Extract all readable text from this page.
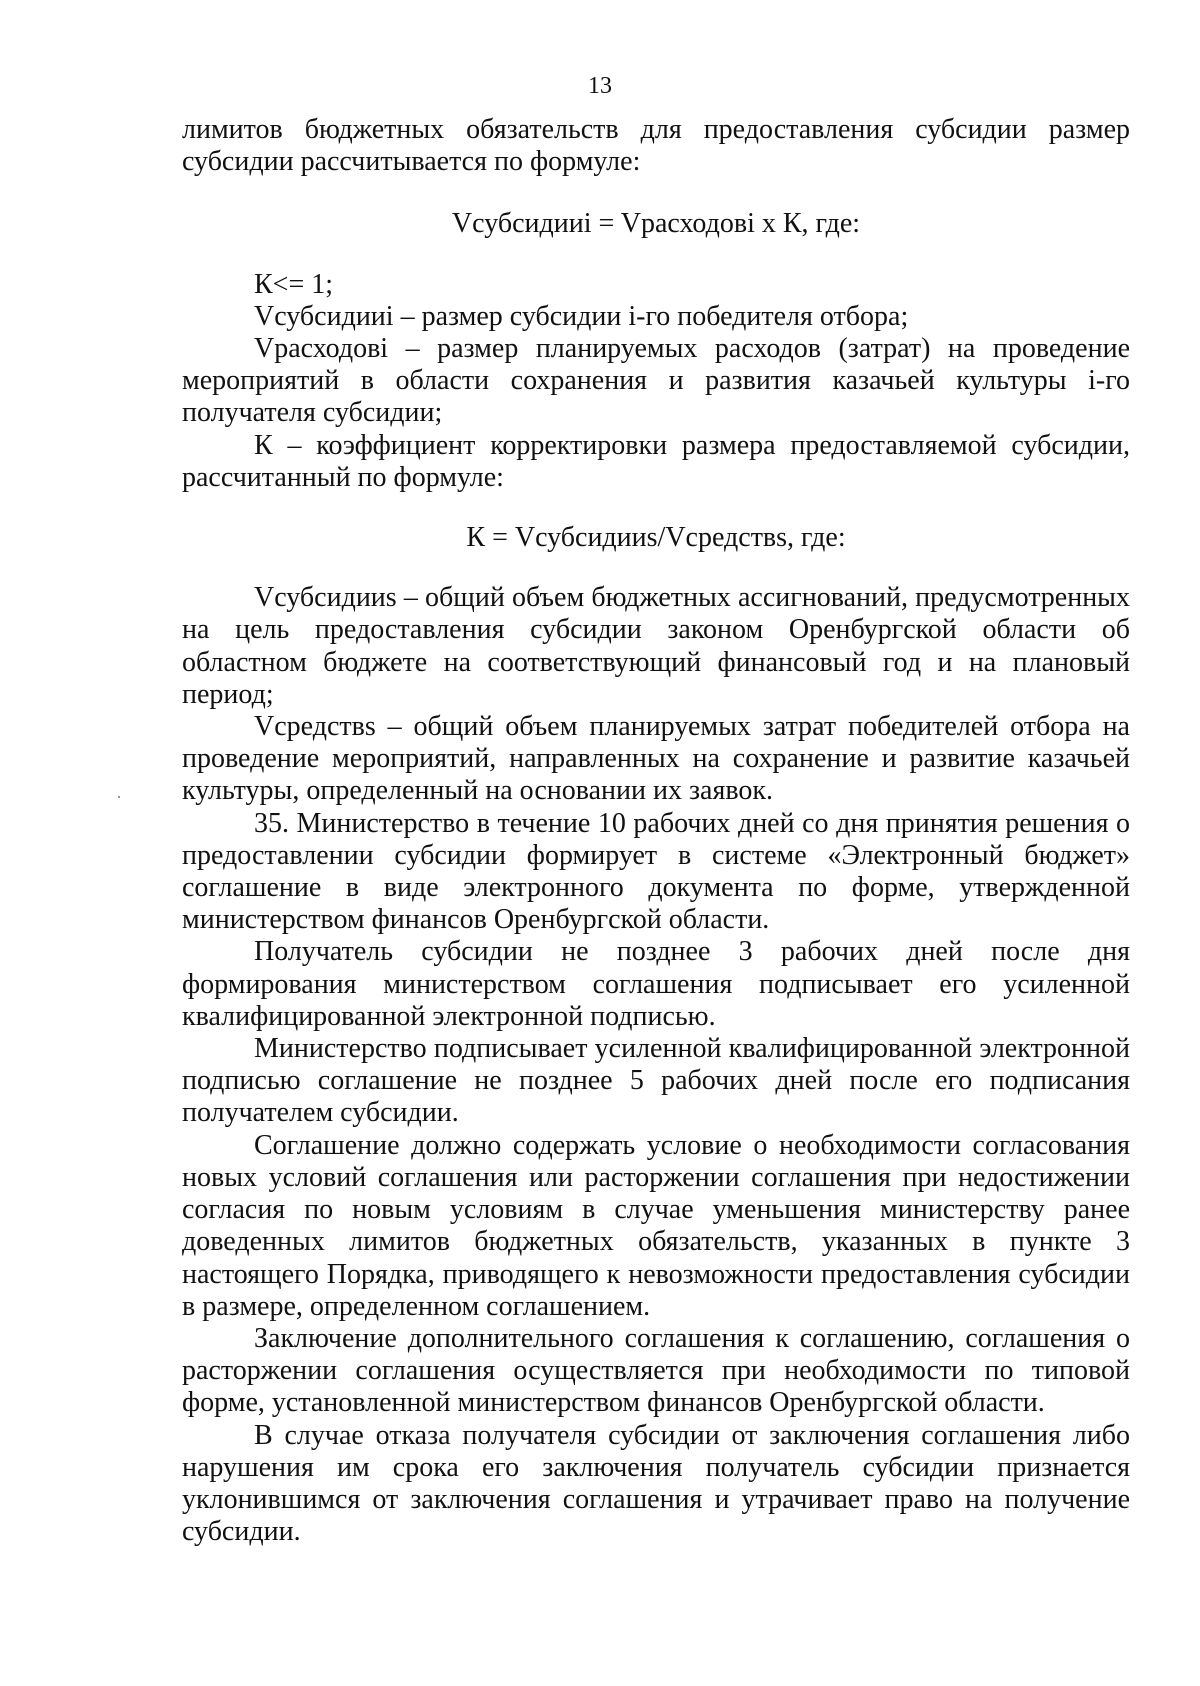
13

лимитов бюджетных обязательств для предоставления субсидии размер субсидии рассчитывается по формуле:

Vсубсидииi = Vрасходовi x К, где:

К<= 1;

Vсубсидииi – размер субсидии i-го победителя отбора;

Vрасходовi – размер планируемых расходов (затрат) на проведение мероприятий в области сохранения и развития казачьей культуры i-го получателя субсидии;

К – коэффициент корректировки размера предоставляемой субсидии, рассчитанный по формуле:

К = Vсубсидииs/Vсредствs, где:

Vсубсидииs – общий объем бюджетных ассигнований, предусмотренных на цель предоставления субсидии законом Оренбургской области об областном бюджете на соответствующий финансовый год и на плановый период;

Vсредствs – общий объем планируемых затрат победителей отбора на проведение мероприятий, направленных на сохранение и развитие казачьей культуры, определенный на основании их заявок.

35. Министерство в течение 10 рабочих дней со дня принятия решения о предоставлении субсидии формирует в системе «Электронный бюджет» соглашение в виде электронного документа по форме, утвержденной министерством финансов Оренбургской области.

Получатель субсидии не позднее 3 рабочих дней после дня формирования министерством соглашения подписывает его усиленной квалифицированной электронной подписью.

Министерство подписывает усиленной квалифицированной электронной подписью соглашение не позднее 5 рабочих дней после его подписания получателем субсидии.

Соглашение должно содержать условие о необходимости согласования новых условий соглашения или расторжении соглашения при недостижении согласия по новым условиям в случае уменьшения министерству ранее доведенных лимитов бюджетных обязательств, указанных в пункте 3 настоящего Порядка, приводящего к невозможности предоставления субсидии в размере, определенном соглашением.

Заключение дополнительного соглашения к соглашению, соглашения о расторжении соглашения осуществляется при необходимости по типовой форме, установленной министерством финансов Оренбургской области.

В случае отказа получателя субсидии от заключения соглашения либо нарушения им срока его заключения получатель субсидии признается уклонившимся от заключения соглашения и утрачивает право на получение субсидии.
